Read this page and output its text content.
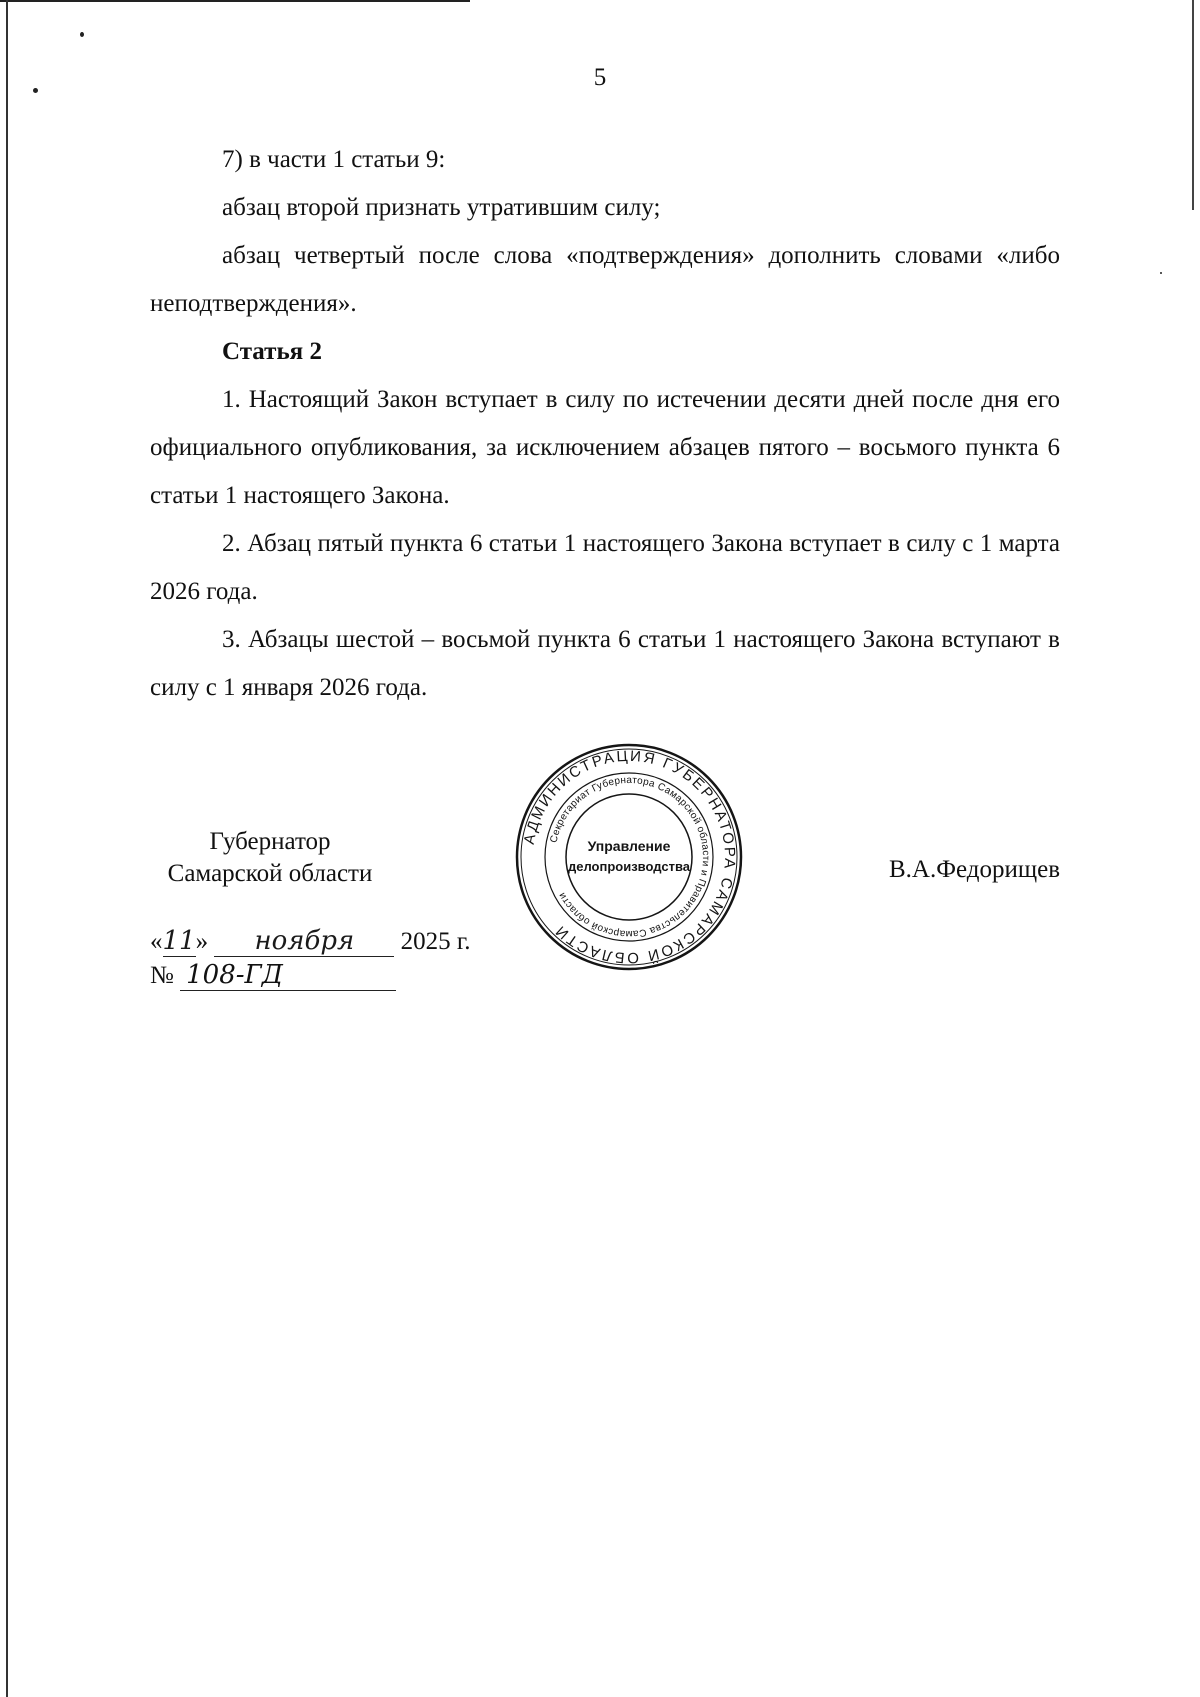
5

7) в части 1 статьи 9:

абзац второй признать утратившим силу;

абзац четвертый после слова «подтверждения» дополнить словами «либо неподтверждения».

Статья 2

1. Настоящий Закон вступает в силу по истечении десяти дней после дня его официального опубликования, за исключением абзацев пятого – восьмого пункта 6 статьи 1 настоящего Закона.

2. Абзац пятый пункта 6 статьи 1 настоящего Закона вступает в силу с 1 марта 2026 года.

3. Абзацы шестой – восьмой пункта 6 статьи 1 настоящего Закона вступают в силу с 1 января 2026 года.

Губернатор
Самарской области	В.А.Федорищев
АДМИНИСТРАЦИЯ ГУБЕРНАТОРА САМАРСКОЙ ОБЛАСТИ
Секретариат Губернатора Самарской области и Правительства Самарской области
Управление
делопроизводства
«11» ноября 2025 г.
№ 108-ГД
